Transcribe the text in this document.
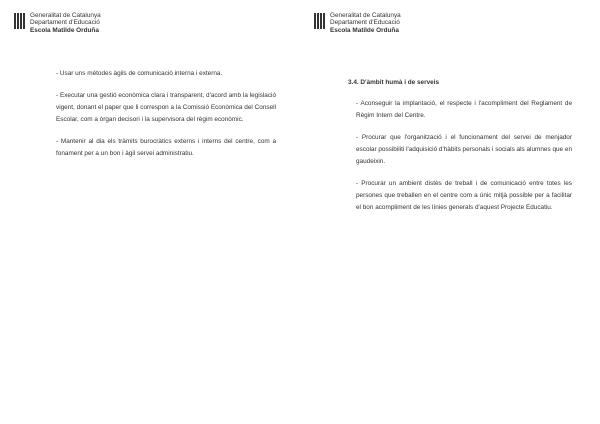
Generalitat de Catalunya
Departament d'Educació
Escola Matilde Orduña

- Usar uns mètodes àgils de comunicació interna i externa.

- Executar una gestió econòmica clara i transparent, d'acord amb la legislació vigent, donant el paper que li correspon a la Comissió Econòmica del Consell Escolar, com a òrgan decisori i la supervisora del règim econòmic.

- Mantenir al dia els tràmits burocràtics externs i interns del centre, com a fonament per a un bon i àgil servei administratiu.

Generalitat de Catalunya
Departament d'Educació
Escola Matilde Orduña
3.4. D'àmbit humà i de serveis

- Aconseguir la implantació, el respecte i l'acompliment del Reglament de Règim Intern del Centre.

- Procurar que l'organització i el funcionament del servei de menjador escolar possibiliti l'adquisició d'hàbits personals i socials als alumnes que en gaudeixin.

- Procurar un ambient distès de treball i de comunicació entre totes les persones que treballen en el centre com a únic mitjà possible per a facilitar el bon acompliment de les línies generals d'aquest Projecte Educatiu.
